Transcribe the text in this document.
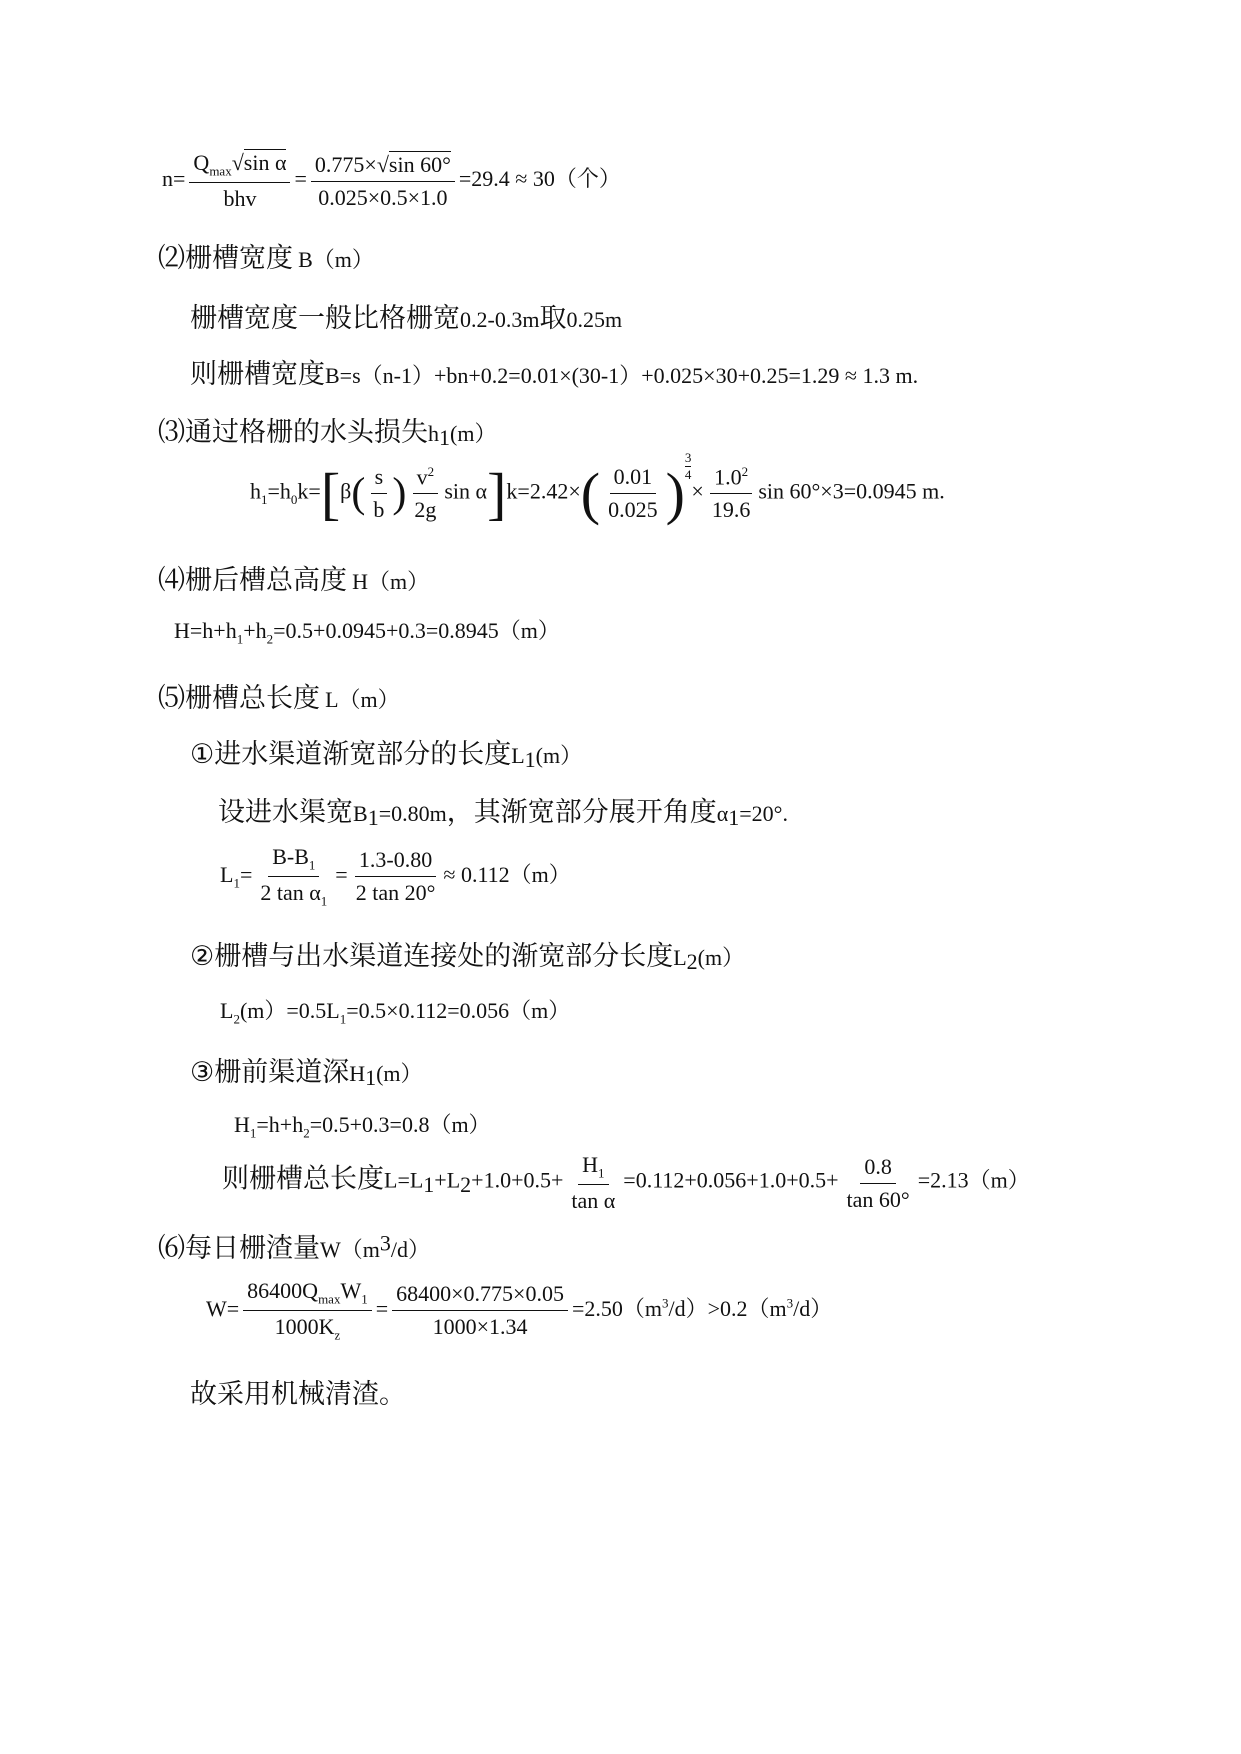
$n= \frac{Q_{max}√\sin \alpha}{\text{bhv}} = \frac{0.775\times√\sin 60^\circ}{0.025\times 0.5\times 1.0} =29.4 \approx 30$（个）
⑵栅槽宽度 B（m）
栅槽宽度一般比格栅宽0.2-0.3m取0.25m
则栅槽宽度B=s（n-1）+bn+0.2=0.01×(30-1）+0.025×30+0.25=1.29 ≈ 1.3 m.
⑶通过格栅的水头损失$h_1(m)$
$h_1=h_0k=[\beta( \frac{s}{b}$ ) $\frac{v^2}{2g}$ $\sin \alpha]k=2.42\times( \frac{0.01}{0.025}$ ) $\frac{3}{4}$
× $\frac{1.0^2}{19.6}$ sin 60°×3=0.0945 m.
⑷栅后槽总高度 H（m）
$H=h+h_1+h_2=0.5+0.0945+0.3=0.8945(m)$
⑸栅槽总长度 L（m）
①进水渠道渐宽部分的长度$L_1(m)$
设进水渠宽$B_1=0.80m$，其渐宽部分展开角度$\alpha_1=20^\circ$.
$L_1= \frac{B-B_1}{2 \tan \alpha_1} = \frac{1.3-0.80}{2 \tan 20^\circ} \approx 0.112(m)$
②栅槽与出水渠道连接处的渐宽部分长度$L_2(m)$
$L_2(m)=0.5L_1=0.5\times 0.112=0.056(m)$
③栅前渠道深$H_1(m)$
$H_1=h+h_2=0.5+0.3=0.8(m)$
则栅槽总长度$L=L_1+L_2+1.0+0.5+ \frac{H_1}{\text{tan α}} =0.112+0.056+1.0+0.5+ \frac{0.8}{\tan 60^\circ} =2.13(m)$
⑹每日栅渣量$W(m^3/d)$
$W= \frac{86400Q_{max}W_1}{1000K_z} = \frac{68400\times 0.775\times 0.05}{1000\times 1.34} =2.50(m^3/d)>0.2(m^3/d)$
故采用机械清渣。
